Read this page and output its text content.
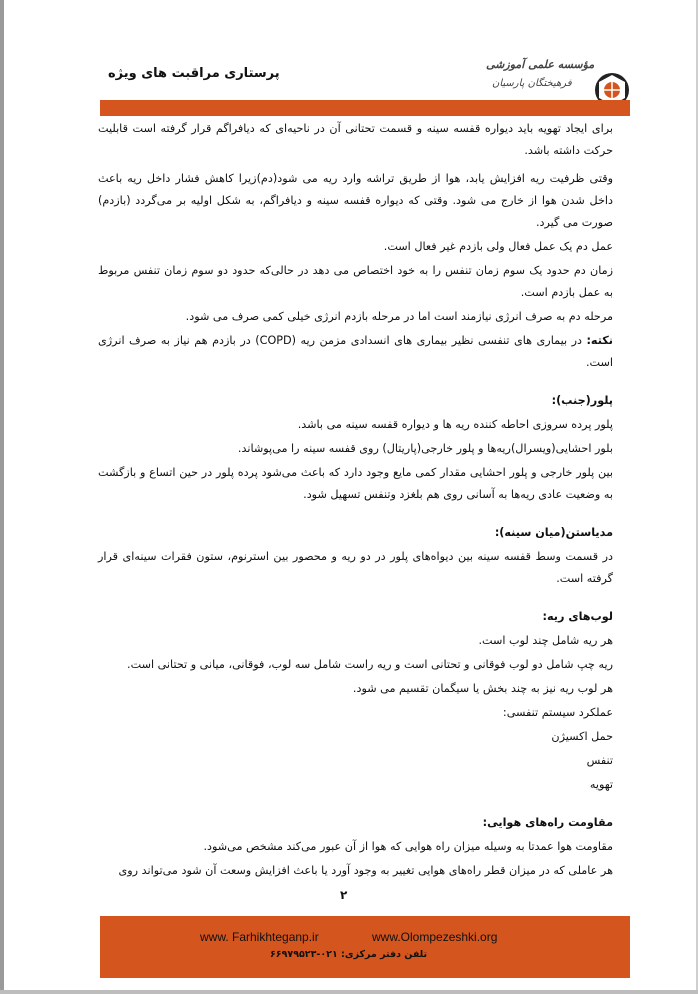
پرستاری مراقبت های ویژه
مؤسسه علمی آموزشی
فرهیختگان پارسیان

برای ایجاد تهویه باید دیواره قفسه سینه و قسمت تحتانی آن در ناحیه‌ای که دیافراگم قرار گرفته است قابلیت حرکت داشته باشد.

وقتی ظرفیت ریه افزایش یابد، هوا از طریق تراشه وارد ریه می شود(دم)زیرا کاهش فشار داخل ریه باعث داخل شدن هوا از خارج می شود. وقتی که دیواره قفسه سینه و دیافراگم، به شکل اولیه بر می‌گردد (بازدم) صورت می گیرد.

عمل دم یک عمل فعال ولی بازدم غیر فعال است.

زمان دم حدود یک سوم زمان تنفس را به خود اختصاص می دهد در حالی‌که حدود دو سوم زمان تنفس مربوط به عمل بازدم است.

مرحله دم به صرف انرژی نیازمند است اما در مرحله بازدم انرژی خیلی کمی صرف می شود.

نکته: در بیماری های تنفسی نظیر بیماری های انسدادی مزمن ریه (COPD) در بازدم هم نیاز به صرف انرژی است.

پلور(جنب):

پلور پرده سروزی احاطه کننده ریه ها و دیواره قفسه سینه می باشد.

بلور احشایی(ویسرال)ریه‌ها و پلور خارجی(پاریتال) روی قفسه سینه را می‌پوشاند.

بین پلور خارجی و پلور احشایی مقدار کمی مایع وجود دارد که باعث می‌شود پرده پلور در حین اتساع و بازگشت به وضعیت عادی ریه‌ها به آسانی روی هم بلغزد وتنفس تسهیل شود.

مدیاستن(میان سینه):

در قسمت وسط قفسه سینه بین دیواه‌های پلور در دو ریه و محصور بین استرنوم، ستون فقرات سینه‌ای قرار گرفته است.

لوب‌های ریه:

هر ریه شامل چند لوب است.

ریه چپ شامل دو لوب فوقانی و تحتانی است و ریه راست شامل سه لوب، فوقانی، میانی و تحتانی است.

هر لوب ریه نیز به چند بخش یا سیگمان تقسیم می شود.

عملکرد سیستم تنفسی:

حمل اکسیژن

تنفس

تهویه

مقاومت راه‌های هوایی:

مقاومت هوا عمدتا به وسیله میزان راه هوایی که هوا از آن عبور می‌کند مشخص می‌شود.

هر عاملی که در میزان قطر راه‌های هوایی تغییر به وجود آورد یا باعث افزایش وسعت آن شود می‌تواند روی

۲
www. Farhikhteganp.ir	www.Olompezeshki.org
تلفن دفتر مرکزی: ۰۲۱-۶۶۹۷۹۵۲۳
